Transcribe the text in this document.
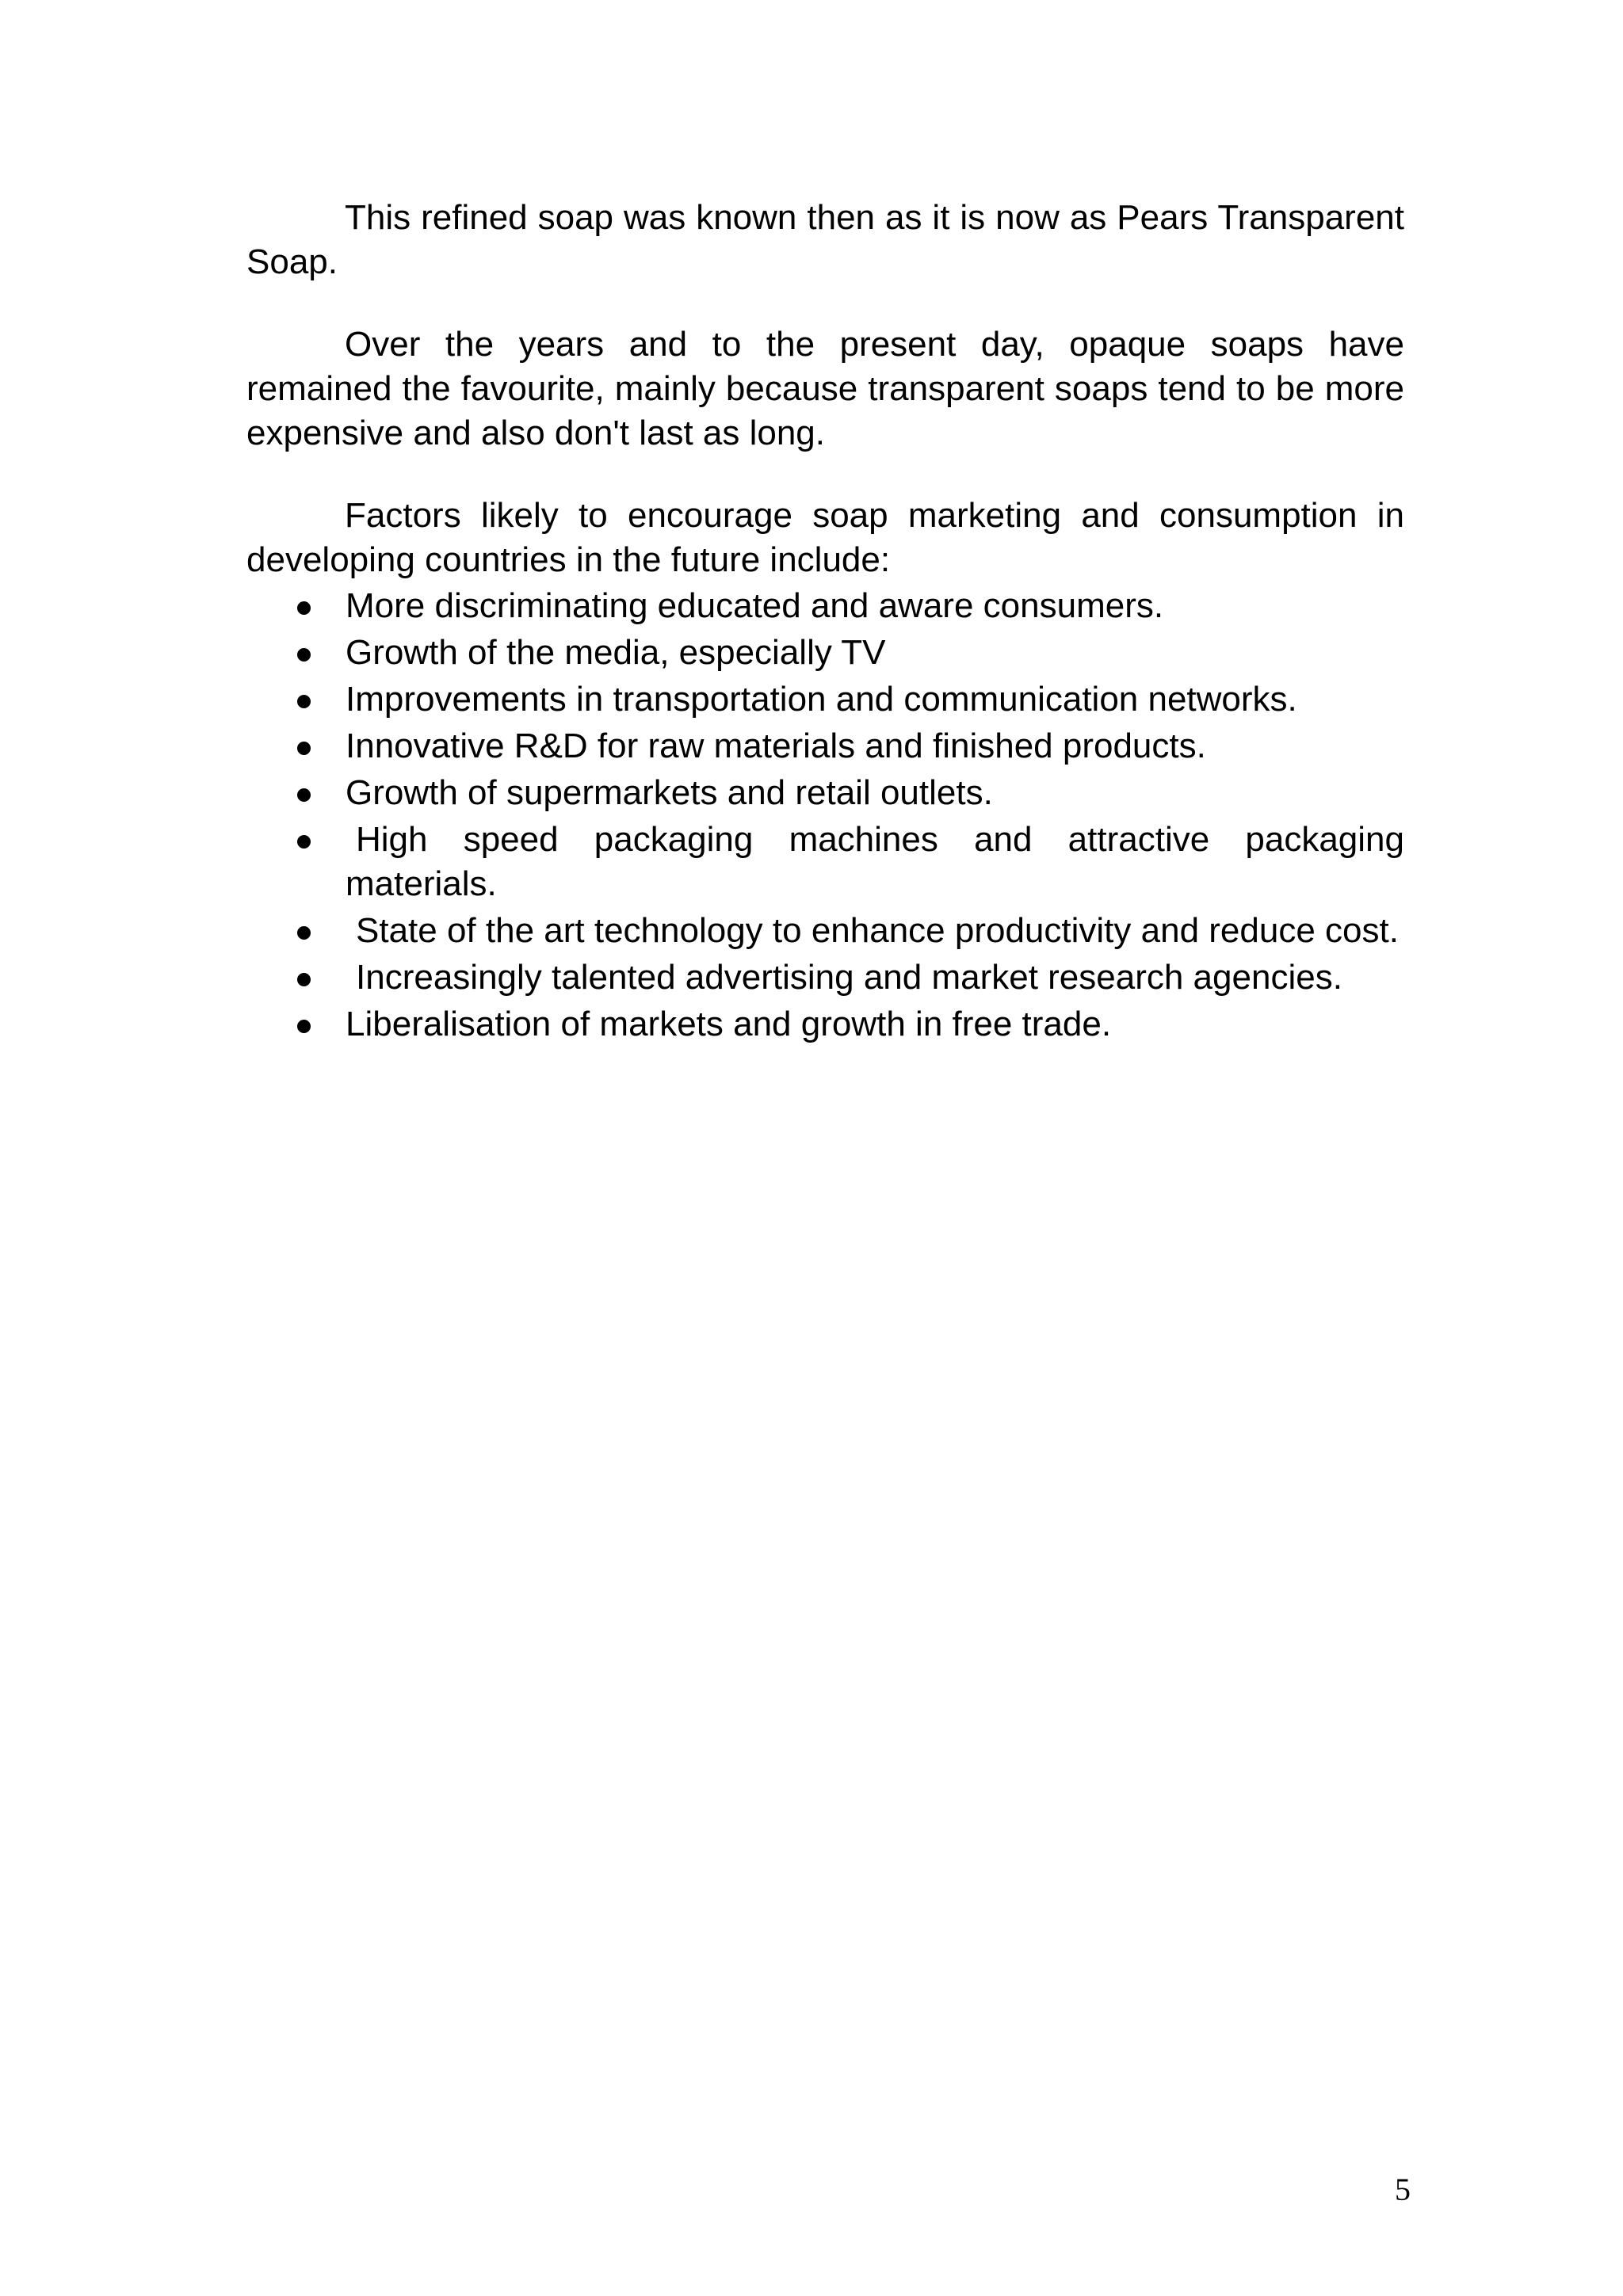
This refined soap was known then as it is now as Pears Transparent Soap.

Over the years and to the present day, opaque soaps have remained the favourite, mainly because transparent soaps tend to be more expensive and also don't last as long.

Factors likely to encourage soap marketing and consumption in developing countries in the future include:

More discriminating educated and aware consumers.
Growth of the media, especially TV
Improvements in transportation and communication networks.
Innovative R&D for raw materials and finished products.
Growth of supermarkets and retail outlets.
High speed packaging machines and attractive packaging materials.
State of the art technology to enhance productivity and reduce cost.
Increasingly talented advertising and market research agencies.
Liberalisation of markets and growth in free trade.
5
